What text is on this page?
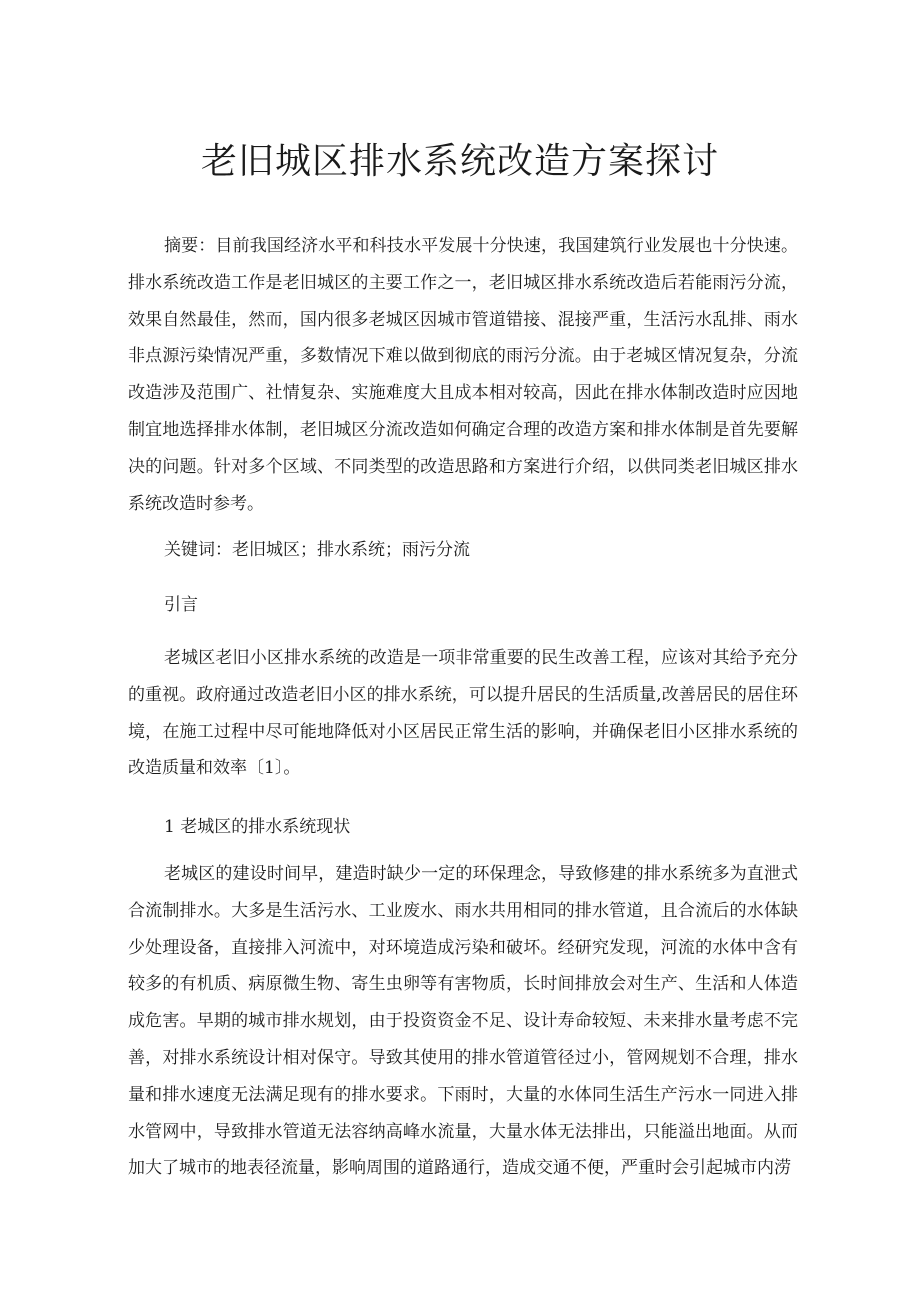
老旧城区排水系统改造方案探讨

摘要：目前我国经济水平和科技水平发展十分快速，我国建筑行业发展也十分快速。排水系统改造工作是老旧城区的主要工作之一，老旧城区排水系统改造后若能雨污分流，效果自然最佳，然而，国内很多老城区因城市管道错接、混接严重，生活污水乱排、雨水非点源污染情况严重，多数情况下难以做到彻底的雨污分流。由于老城区情况复杂，分流改造涉及范围广、社情复杂、实施难度大且成本相对较高，因此在排水体制改造时应因地制宜地选择排水体制，老旧城区分流改造如何确定合理的改造方案和排水体制是首先要解决的问题。针对多个区域、不同类型的改造思路和方案进行介绍，以供同类老旧城区排水系统改造时参考。

关键词：老旧城区；排水系统；雨污分流

引言

老城区老旧小区排水系统的改造是一项非常重要的民生改善工程，应该对其给予充分的重视。政府通过改造老旧小区的排水系统，可以提升居民的生活质量,改善居民的居住环境，在施工过程中尽可能地降低对小区居民正常生活的影响，并确保老旧小区排水系统的改造质量和效率〔1〕。

1 老城区的排水系统现状

老城区的建设时间早，建造时缺少一定的环保理念，导致修建的排水系统多为直泄式合流制排水。大多是生活污水、工业废水、雨水共用相同的排水管道，且合流后的水体缺少处理设备，直接排入河流中，对环境造成污染和破坏。经研究发现，河流的水体中含有较多的有机质、病原微生物、寄生虫卵等有害物质，长时间排放会对生产、生活和人体造成危害。早期的城市排水规划，由于投资资金不足、设计寿命较短、未来排水量考虑不完善，对排水系统设计相对保守。导致其使用的排水管道管径过小，管网规划不合理，排水量和排水速度无法满足现有的排水要求。下雨时，大量的水体同生活生产污水一同进入排水管网中，导致排水管道无法容纳高峰水流量，大量水体无法排出，只能溢出地面。从而加大了城市的地表径流量，影响周围的道路通行，造成交通不便，严重时会引起城市内涝
